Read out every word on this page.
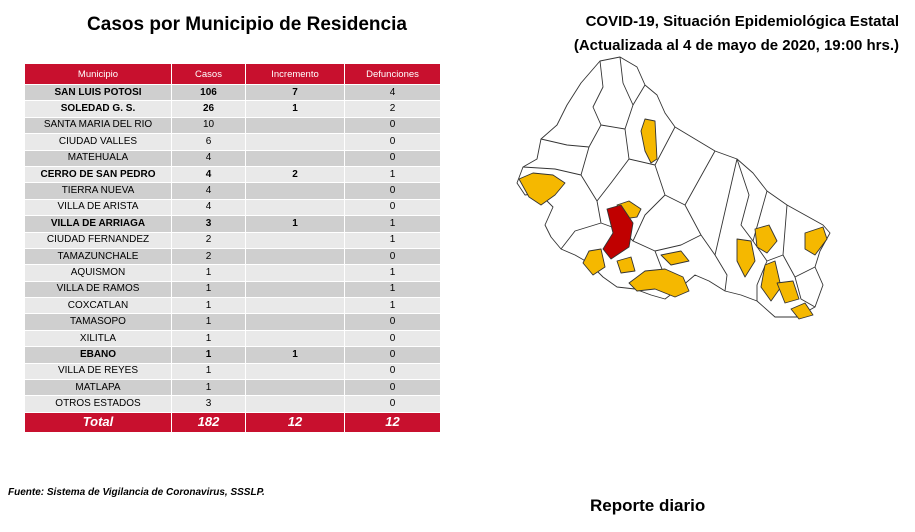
Casos por Municipio de Residencia
Municipio	Casos	Incremento	Defunciones
SAN LUIS POTOSI	106	7	4
SOLEDAD G. S.	26	1	2
SANTA MARIA DEL RIO	10		0
CIUDAD VALLES	6		0
MATEHUALA	4		0
CERRO DE SAN PEDRO	4	2	1
TIERRA NUEVA	4		0
VILLA DE ARISTA	4		0
VILLA DE ARRIAGA	3	1	1
CIUDAD FERNANDEZ	2		1
TAMAZUNCHALE	2		0
AQUISMON	1		1
VILLA DE RAMOS	1		1
COXCATLAN	1		1
TAMASOPO	1		0
XILITLA	1		0
EBANO	1	1	0
VILLA DE REYES	1		0
MATLAPA	1		0
OTROS ESTADOS	3		0
Total	182	12	12
COVID-19, Situación Epidemiológica Estatal
(Actualizada al 4 de mayo de 2020, 19:00 hrs.)
Fuente: Sistema de Vigilancia de Coronavirus, SSSLP.
Reporte diario
